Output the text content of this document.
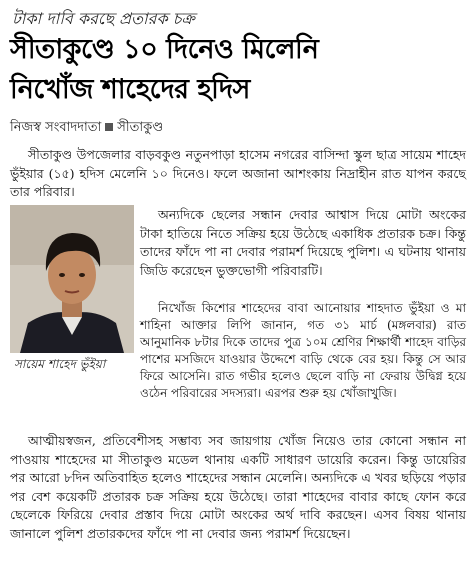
টাকা দাবি করছে প্রতারক চক্র
সীতাকুণ্ডে ১০ দিনেও মিলেনি
নিখোঁজ শাহেদের হদিস
নিজস্ব সংবাদদাতা সীতাকুণ্ড

সীতাকুণ্ড উপজেলার বাড়বকুণ্ড নতুনপাড়া হাসেম নগরের বাসিন্দা স্কুল ছাত্র সায়েম শাহেদ ভুঁইয়ার (১৫) হদিস মেলেনি ১০ দিনেও। ফলে অজানা আশংকায় নিদ্রাহীন রাত যাপন করছে তার পরিবার।

সায়েম শাহেদ ভুঁইয়া

অন্যদিকে ছেলের সন্ধান দেবার আশ্বাস দিয়ে মোটা অংকের টাকা হাতিয়ে নিতে সক্রিয় হয়ে উঠেছে একাধিক প্রতারক চক্র। কিন্তু তাদের ফাঁদে পা না দেবার পরামর্শ দিয়েছে পুলিশ। এ ঘটনায় থানায় জিডি করেছেন ভুক্তভোগী পরিবারটি।

নিখোঁজ কিশোর শাহেদের বাবা আনোয়ার শাহদাত ভুঁইয়া ও মা শাহিনা আক্তার লিপি জানান, গত ৩১ মার্চ (মঙ্গলবার) রাত আনুমানিক ৮টার দিকে তাদের পুত্র ১০ম শ্রেণির শিক্ষার্থী শাহেদ বাড়ির পাশের মসজিদে যাওয়ার উদ্দেশে বাড়ি থেকে বের হয়। কিন্তু সে আর ফিরে আসেনি। রাত গভীর হলেও ছেলে বাড়ি না ফেরায় উদ্বিগ্ন হয়ে ওঠেন পরিবারের সদস্যরা। এরপর শুরু হয় খোঁজাখুজি।

আত্মীয়স্বজন, প্রতিবেশীসহ সম্ভাব্য সব জায়গায় খোঁজ নিয়েও তার কোনো সন্ধান না পাওয়ায় শাহেদের মা সীতাকুণ্ড মডেল থানায় একটি সাধারণ ডায়েরি করেন। কিন্তু ডায়েরির পর আরো ৮দিন অতিবাহিত হলেও শাহেদের সন্ধান মেলেনি। অন্যদিকে এ খবর ছড়িয়ে পড়ার পর বেশ কয়েকটি প্রতারক চক্র সক্রিয় হয়ে উঠেছে। তারা শাহেদের বাবার কাছে ফোন করে ছেলেকে ফিরিয়ে দেবার প্রস্তাব দিয়ে মোটা অংকের অর্থ দাবি করছেন। এসব বিষয় থানায় জানালে পুলিশ প্রতারকদের ফাঁদে পা না দেবার জন্য পরামর্শ দিয়েছেন।
